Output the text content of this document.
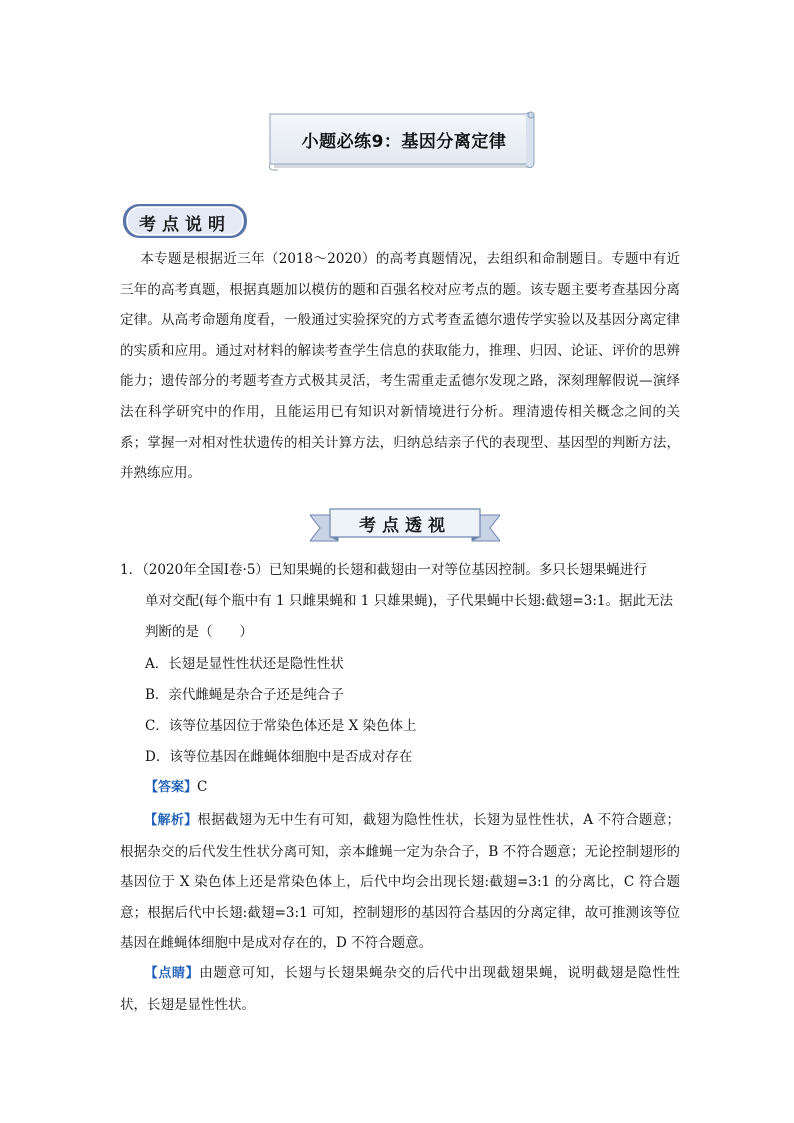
小题必练9：基因分离定律
考点说明
本专题是根据近三年（2018～2020）的高考真题情况，去组织和命制题目。专题中有近三年的高考真题，根据真题加以模仿的题和百强名校对应考点的题。该专题主要考查基因分离定律。从高考命题角度看，一般通过实验探究的方式考查孟德尔遗传学实验以及基因分离定律的实质和应用。通过对材料的解读考查学生信息的获取能力，推理、归因、论证、评价的思辨能力；遗传部分的考题考查方式极其灵活，考生需重走孟德尔发现之路，深刻理解假说—演绎法在科学研究中的作用，且能运用已有知识对新情境进行分析。理清遗传相关概念之间的关系；掌握一对相对性状遗传的相关计算方法，归纳总结亲子代的表现型、基因型的判断方法，并熟练应用。
考点透视
1．（2020年全国Ⅰ卷·5）已知果蝇的长翅和截翅由一对等位基因控制。多只长翅果蝇进行
单对交配(每个瓶中有 1 只雌果蝇和 1 只雄果蝇)，子代果蝇中长翅:截翅=3:1。据此无法
判断的是（　　）
A．长翅是显性性状还是隐性性状
B．亲代雌蝇是杂合子还是纯合子
C．该等位基因位于常染色体还是 X 染色体上
D．该等位基因在雌蝇体细胞中是否成对存在
【答案】C
【解析】根据截翅为无中生有可知，截翅为隐性性状，长翅为显性性状，A 不符合题意；根据杂交的后代发生性状分离可知，亲本雌蝇一定为杂合子，B 不符合题意；无论控制翅形的基因位于 X 染色体上还是常染色体上，后代中均会出现长翅:截翅=3:1 的分离比，C 符合题意；根据后代中长翅:截翅=3:1 可知，控制翅形的基因符合基因的分离定律，故可推测该等位基因在雌蝇体细胞中是成对存在的，D 不符合题意。
【点睛】由题意可知，长翅与长翅果蝇杂交的后代中出现截翅果蝇，说明截翅是隐性性状，长翅是显性性状。
